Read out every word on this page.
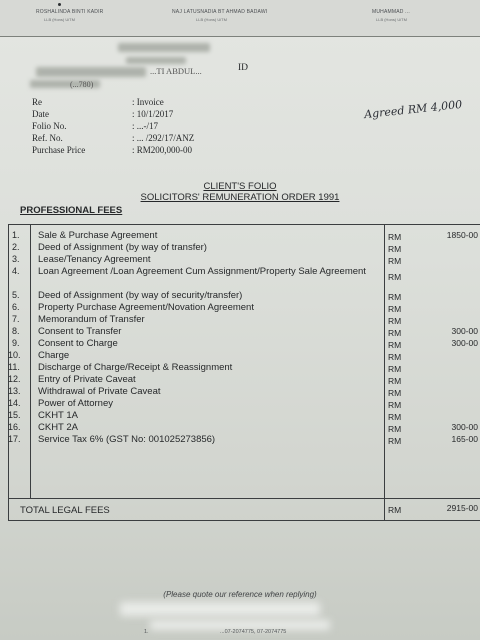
ROSHALINDA BINTI KADIR
LLB (Hons) UiTM
NAJ LATUSNADIA BT AHMAD BADAWI
LLB (Hons) UiTM
MUHAMMAD ...
LLB (Hons) UiTM
...TI ABDUL...	ID
(...780)
Re	: Invoice
Date	: 10/1/2017
Folio No.	: ...-/17
Ref. No.	: ... /292/17/ANZ
Purchase Price	: RM200,000-00
Agreed RM 4,000
CLIENT'S FOLIO
SOLICITORS' REMUNERATION ORDER 1991
PROFESSIONAL FEES
1. Sale & Purchase Agreement	RM	1850-00
2. Deed of Assignment (by way of transfer)	RM
3. Lease/Tenancy Agreement	RM
4. Loan Agreement /Loan Agreement Cum Assignment/Property Sale Agreement	RM
5. Deed of Assignment (by way of security/transfer)	RM
6. Property Purchase Agreement/Novation Agreement	RM
7. Memorandum of Transfer	RM
8. Consent to Transfer	RM	300-00
9. Consent to Charge	RM	300-00
10. Charge	RM
11. Discharge of Charge/Receipt & Reassignment	RM
12. Entry of Private Caveat	RM
13. Withdrawal of Private Caveat	RM
14. Power of Attorney	RM
15. CKHT 1A	RM
16. CKHT 2A	RM	300-00
17. Service Tax 6% (GST No: 001025273856)	RM	165-00
TOTAL LEGAL FEES	RM	2915-00
(Please quote our reference when replying)
1.	...07-2074775, 07-2074775
